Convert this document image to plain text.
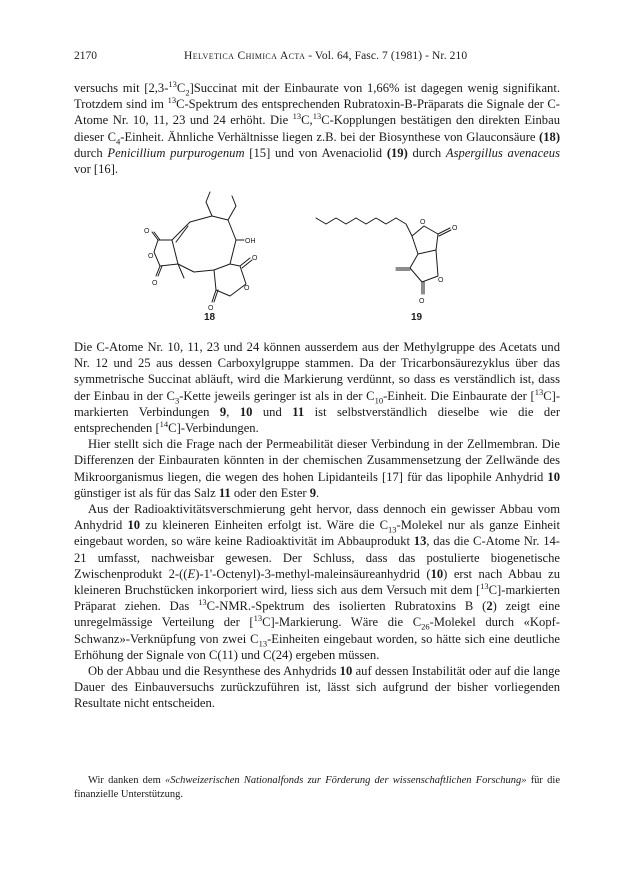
2170	Helvetica Chimica Acta - Vol. 64, Fasc. 7 (1981) - Nr. 210

versuchs mit $[2,3-^{13}C_2]Succinat$ mit der Einbaurate von 1,66% ist dagegen wenig signifikant. Trotzdem sind im $^{13}$C-Spektrum des entsprechenden Rubratoxin-B-Präparats die Signale der C-Atome Nr. 10, 11, 23 und 24 erhöht. Die $^{13}$C,$^{13}$C-Kopplungen bestätigen den direkten Einbau dieser $C_4$-Einheit. Ähnliche Verhältnisse liegen z.B. bei der Biosynthese von Glauconsäure (18) durch Penicillium purpurogenum [15] und von Avenaciolid (19) durch Aspergillus avenaceus vor [16].

O
O
O
OH
O
O
O
O
O
O
O
18	19

Die C-Atome Nr. 10, 11, 23 und 24 können ausserdem aus der Methylgruppe des Acetats und Nr. 12 und 25 aus dessen Carboxylgruppe stammen. Da der Tricarbonsäurezyklus über das symmetrische Succinat abläuft, wird die Markierung verdünnt, so dass es verständlich ist, dass der Einbau in der $C_3$-Kette jeweils geringer ist als in der $C_{10}$-Einheit. Die Einbaurate der [$^{13}$C]-markierten Verbindungen 9, 10 und 11 ist selbstverständlich dieselbe wie die der entsprechenden [$^{14}$C]-Verbindungen.

Hier stellt sich die Frage nach der Permeabilität dieser Verbindung in der Zellmembran. Die Differenzen der Einbauraten könnten in der chemischen Zusammensetzung der Zellwände des Mikroorganismus liegen, die wegen des hohen Lipidanteils [17] für das lipophile Anhydrid 10 günstiger ist als für das Salz 11 oder den Ester 9.

Aus der Radioaktivitätsverschmierung geht hervor, dass dennoch ein gewisser Abbau vom Anhydrid 10 zu kleineren Einheiten erfolgt ist. Wäre die $C_{13}$-Molekel nur als ganze Einheit eingebaut worden, so wäre keine Radioaktivität im Abbauprodukt 13, das die C-Atome Nr. 14-21 umfasst, nachweisbar gewesen. Der Schluss, dass das postulierte biogenetische Zwischenprodukt 2-((E)-1'-Octenyl)-3-methyl-maleinsäureanhydrid (10) erst nach Abbau zu kleineren Bruchstücken inkorporiert wird, liess sich aus dem Versuch mit dem [$^{13}$C]-markierten Präparat ziehen. Das $^{13}$C-NMR.-Spektrum des isolierten Rubratoxins B (2) zeigt eine unregelmässige Verteilung der [$^{13}$C]-Markierung. Wäre die $C_{26}$-Molekel durch «Kopf-Schwanz»-Verknüpfung von zwei $C_{13}$-Einheiten eingebaut worden, so hätte sich eine deutliche Erhöhung der Signale von C(11) und C(24) ergeben müssen.

Ob der Abbau und die Resynthese des Anhydrids 10 auf dessen Instabilität oder auf die lange Dauer des Einbauversuchs zurückzuführen ist, lässt sich aufgrund der bisher vorliegenden Resultate nicht entscheiden.

Wir danken dem «Schweizerischen Nationalfonds zur Förderung der wissenschaftlichen Forschung» für die finanzielle Unterstützung.
